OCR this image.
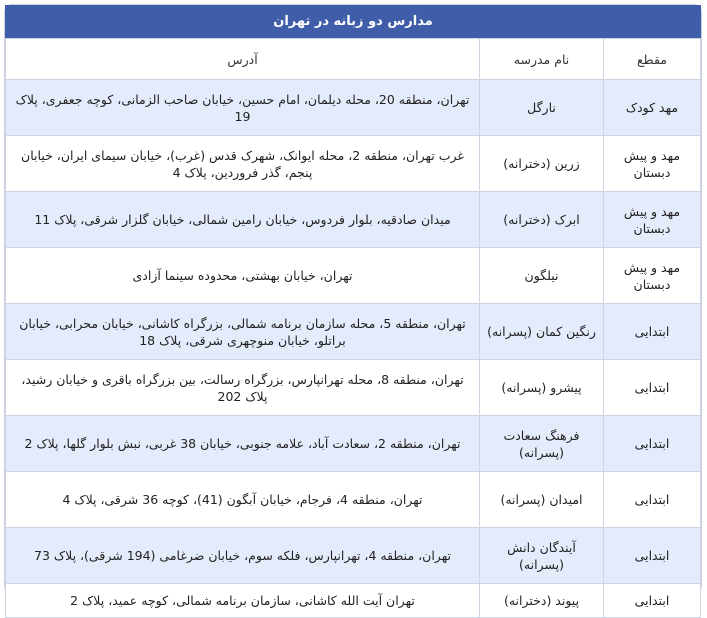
مدارس دو زبانه در تهران
مقطع	نام مدرسه	آدرس
مهد کودک	نارگل	تهران، منطقه 20، محله دیلمان، امام حسین، خیابان صاحب الزمانی، کوچه جعفری، پلاک 19
مهد و پیش دبستان	زرین (دخترانه)	غرب تهران، منطقه 2، محله ایوانک، شهرک قدس (غرب)، خیابان سیمای ایران، خیابان پنجم، گذر فروردین، پلاک 4
مهد و پیش دبستان	ابرک (دخترانه)	میدان صادقیه، بلوار فردوس، خیابان رامین شمالی، خیابان گلزار شرقی، پلاک 11
مهد و پیش دبستان	نیلگون	تهران، خیابان بهشتی، محدوده سینما آزادی
ابتدایی	رنگین کمان (پسرانه)	تهران، منطقه 5، محله سازمان برنامه شمالی، بزرگراه کاشانی، خیابان محرابی، خیابان براتلو، خیابان منوچهری شرقی، پلاک 18
ابتدایی	پیشرو (پسرانه)	تهران، منطقه 8، محله تهرانپارس، بزرگراه رسالت، بین بزرگراه باقری و خیابان رشید، پلاک 202
ابتدایی	فرهنگ سعادت (پسرانه)	تهران، منطقه 2، سعادت آباد، علامه جنوبی، خیابان 38 غربی، نبش بلوار گلها، پلاک 2
ابتدایی	امیدان (پسرانه)	تهران، منطقه 4، فرجام، خیابان آبگون (41)، کوچه 36 شرقی، پلاک 4
ابتدایی	آیندگان دانش (پسرانه)	تهران، منطقه 4، تهرانپارس، فلکه سوم، خیابان ضرغامی (194 شرقی)، پلاک 73
ابتدایی	پیوند (دخترانه)	تهران آیت الله کاشانی، سازمان برنامه شمالی، کوچه عمید، پلاک 2
